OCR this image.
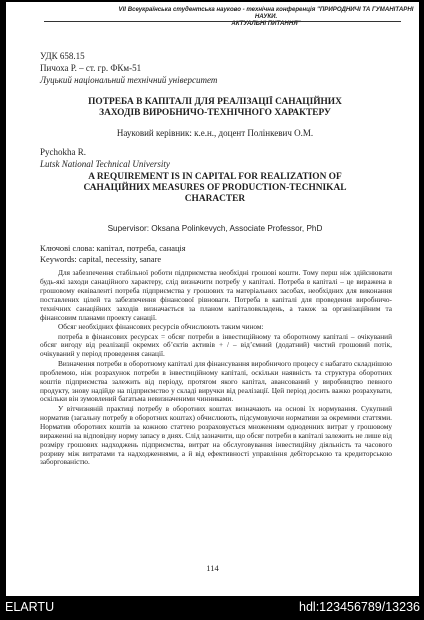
VII Всеукраїнська студентська науково - технічна конференція "ПРИРОДНИЧІ ТА ГУМАНІТАРНІ НАУКИ.
АКТУАЛЬНІ ПИТАННЯ"
УДК 658.15
Пичоха Р. – ст. гр. ФКм-51
Луцький національний технічний університет
ПОТРЕБА В КАПІТАЛІ ДЛЯ РЕАЛІЗАЦІЇ САНАЦІЙНИХ
ЗАХОДІВ ВИРОБНИЧО-ТЕХНІЧНОГО ХАРАКТЕРУ
Науковий керівник: к.е.н., доцент Полінкевич О.М.
Pychokha R.
Lutsk National Technical University
A REQUIREMENT IS IN CAPITAL FOR REALIZATION OF
САНАЦІЙНИХ MEASURES OF PRODUCTION-TECHNIKAL
CHARACTER
Supervisor: Oksana Polinkevych, Associate Professor, PhD
Ключові слова: капітал, потреба, санація
Keywords: capital, necessity, sanare

Для забезпечення стабільної роботи підприємства необхідні грошові кошти. Тому перш ніж здійснювати будь-які заходи санаційного характеру, слід визначити потребу у капіталі. Потреба в капіталі – це виражена в грошовому еквіваленті потреба підприємства у грошових та матеріальних засобах, необхідних для виконання поставлених цілей та забезпечення фінансової рівноваги. Потреба в капіталі для проведення виробничо-технічних санаційних заходів визначається за планом капіталовкладень, а також за організаційним та фінансовим планами проекту санації.

Обсяг необхідних фінансових ресурсів обчислюють таким чином:

потреба в фінансових ресурсах = обсяг потреби в інвестиційному та оборотному капіталі – очікуваний обсяг вигоду від реалізації окремих об’єктів активів + / – від’ємний (додатний) чистий грошовий потік, очікуваний у період проведення санації.

Визначення потреби в оборотному капіталі для фінансування виробничого процесу є набагато складнішою проблемою, ніж розрахунок потреби в інвестиційному капіталі, оскільки наявність та структура оборотних коштів підприємства залежить від періоду, протягом якого капітал, авансований у виробництво певного продукту, знову надійде на підприємство у складі виручки від реалізації. Цей період досить важко розрахувати, оскільки він зумовлений багатьма невизначеними чинниками.

У вітчизняній практиці потребу в оборотних коштах визначають на основі їх нормування. Сукупний норматив (загальну потребу в оборотних коштах) обчислюють, підсумовуючи нормативи за окремими статтями. Норматив оборотних коштів за кожною статтею розраховується множенням одноденних витрат у грошовому вираженні на відповідну норму запасу в днях. Слід зазначити, що обсяг потреби в капіталі залежить не лише від розміру грошових надходжень підприємства, витрат на обслуговування інвестиційну діяльність та часового розриву між витратами та надходженнями, а й від ефективності управління дебіторською та кредиторською заборгованістю.

114
ELARTU	hdl:123456789/13236
